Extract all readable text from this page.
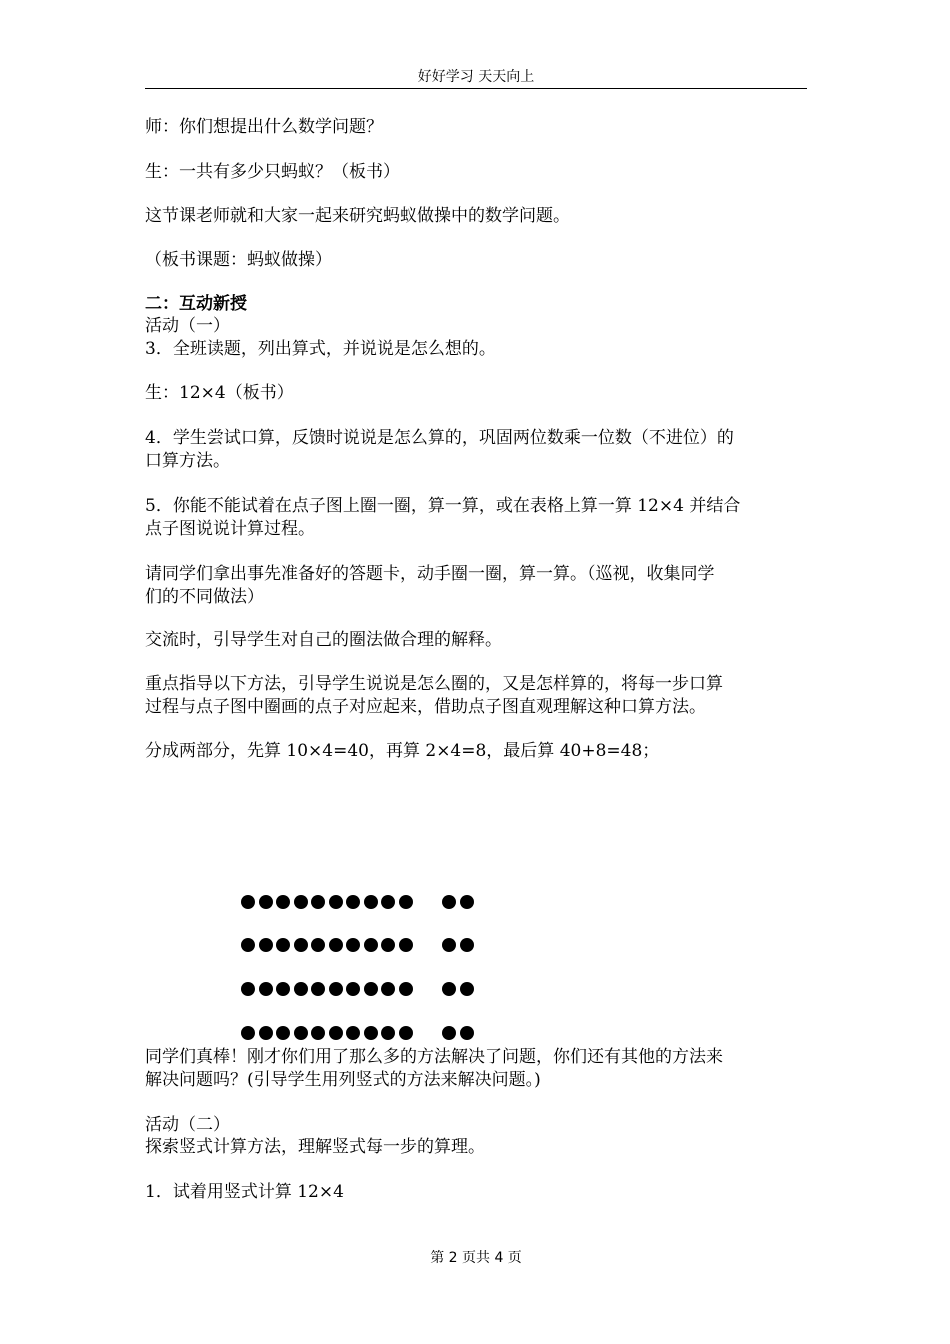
好好学习 天天向上

师：你们想提出什么数学问题？

生：一共有多少只蚂蚁？（板书）

这节课老师就和大家一起来研究蚂蚁做操中的数学问题。

（板书课题：蚂蚁做操）

二：互动新授

活动（一）

3．全班读题，列出算式，并说说是怎么想的。

生：12×4（板书）

4．学生尝试口算，反馈时说说是怎么算的，巩固两位数乘一位数（不进位）的
口算方法。

5．你能不能试着在点子图上圈一圈，算一算，或在表格上算一算 12×4 并结合
点子图说说计算过程。

请同学们拿出事先准备好的答题卡，动手圈一圈，算一算。（巡视，收集同学
们的不同做法）

交流时，引导学生对自己的圈法做合理的解释。

重点指导以下方法，引导学生说说是怎么圈的，又是怎样算的，将每一步口算
过程与点子图中圈画的点子对应起来，借助点子图直观理解这种口算方法。

分成两部分，先算 10×4=40，再算 2×4=8，最后算 40+8=48；

同学们真棒！刚才你们用了那么多的方法解决了问题，你们还有其他的方法来
解决问题吗？(引导学生用列竖式的方法来解决问题。)

活动（二）

探索竖式计算方法，理解竖式每一步的算理。

1．试着用竖式计算 12×4

第 2 页共 4 页
